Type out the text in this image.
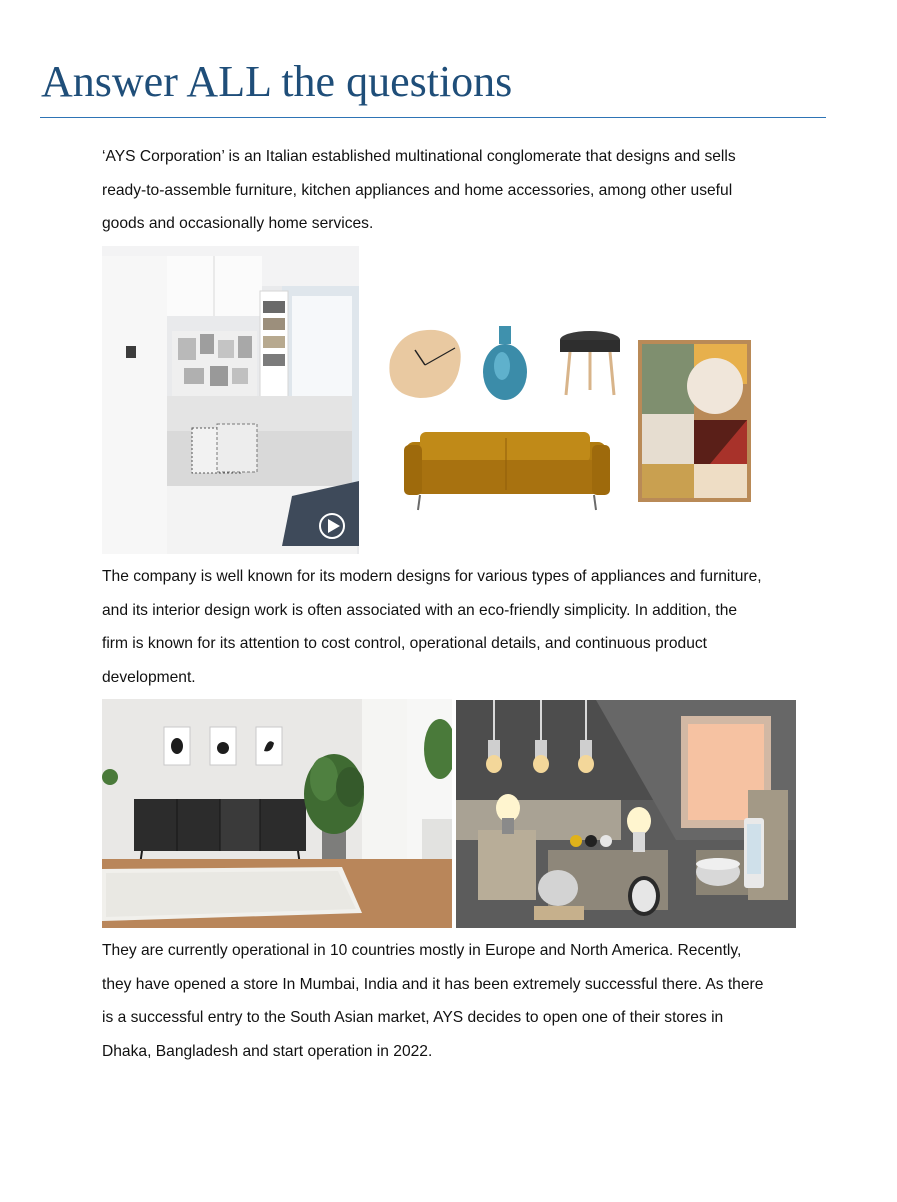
Answer ALL the questions
‘AYS Corporation’ is an Italian established multinational conglomerate that designs and sells
ready-to-assemble furniture, kitchen appliances and home accessories, among other useful
goods and occasionally home services.
The company is well known for its modern designs for various types of appliances and furniture,
and its interior design work is often associated with an eco-friendly simplicity. In addition, the
firm is known for its attention to cost control, operational details, and continuous product
development.
They are currently operational in 10 countries mostly in Europe and North America. Recently,
they have opened a store In Mumbai, India and it has been extremely successful there. As there
is a successful entry to the South Asian market, AYS decides to open one of their stores in
Dhaka, Bangladesh and start operation in 2022.
